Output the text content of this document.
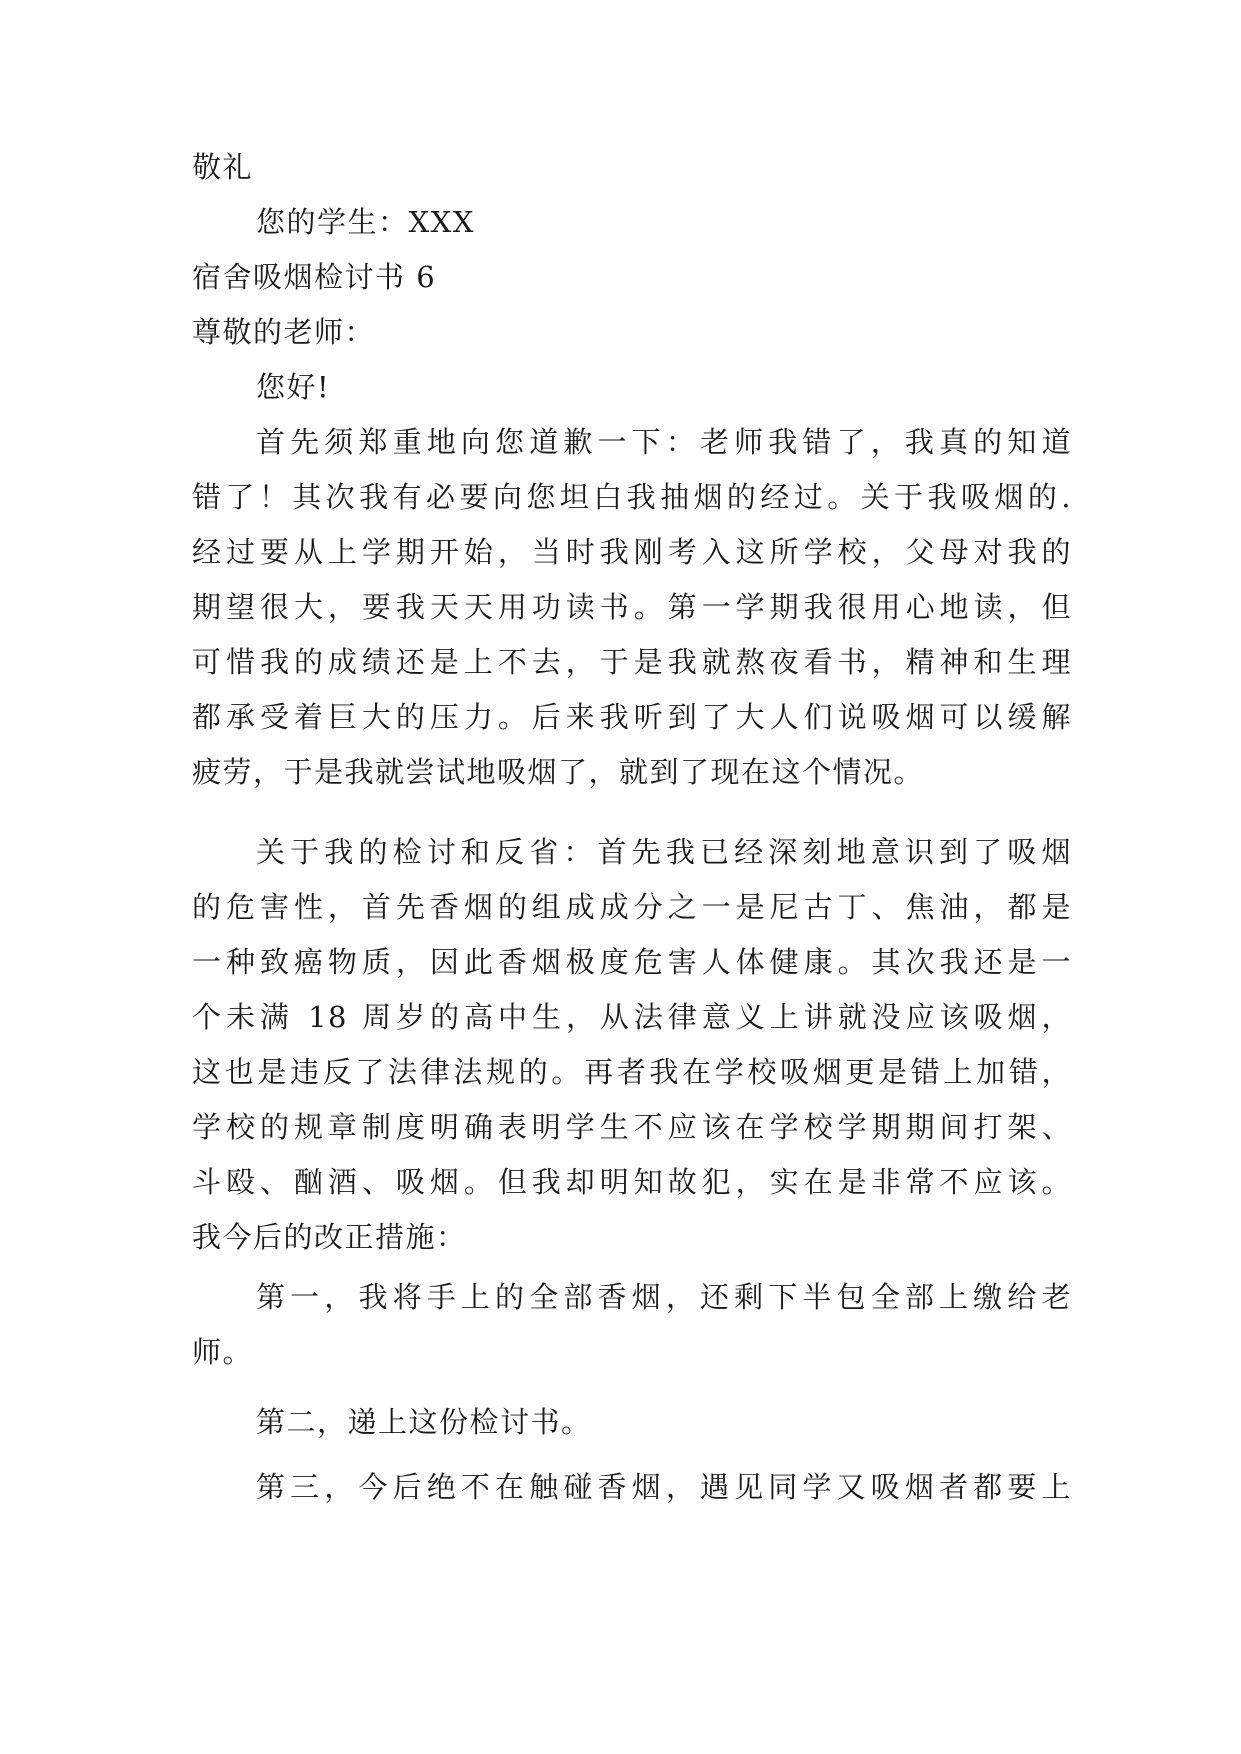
敬礼
您的学生：XXX
宿舍吸烟检讨书 6
尊敬的老师：
您好!
首先须郑重地向您道歉一下：老师我错了，我真的知道
错了！其次我有必要向您坦白我抽烟的经过。关于我吸烟的.
经过要从上学期开始，当时我刚考入这所学校，父母对我的
期望很大，要我天天用功读书。第一学期我很用心地读，但
可惜我的成绩还是上不去，于是我就熬夜看书，精神和生理
都承受着巨大的压力。后来我听到了大人们说吸烟可以缓解
疲劳，于是我就尝试地吸烟了，就到了现在这个情况。
关于我的检讨和反省：首先我已经深刻地意识到了吸烟
的危害性，首先香烟的组成成分之一是尼古丁、焦油，都是
一种致癌物质，因此香烟极度危害人体健康。其次我还是一
个未满 18 周岁的高中生，从法律意义上讲就没应该吸烟，
这也是违反了法律法规的。再者我在学校吸烟更是错上加错，
学校的规章制度明确表明学生不应该在学校学期期间打架、
斗殴、酗酒、吸烟。但我却明知故犯，实在是非常不应该。
我今后的改正措施：
第一，我将手上的全部香烟，还剩下半包全部上缴给老
师。
第二，递上这份检讨书。
第三，今后绝不在触碰香烟，遇见同学又吸烟者都要上
